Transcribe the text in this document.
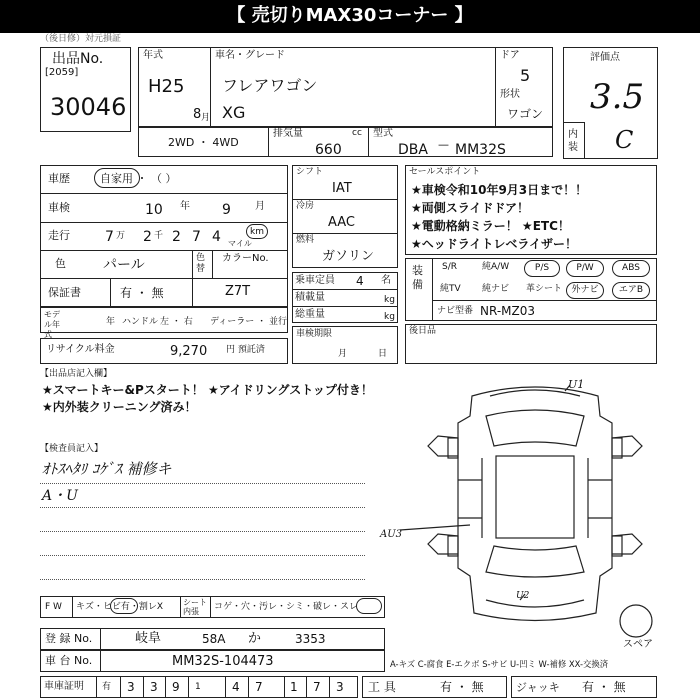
【 売切りMAX30コーナー 】
（後日修）対元損証
出品No.
[2059]
30046
年式
H25
8 月
車名・グレード
フレアワゴン
XG
ドア
5
形状
ワゴン
評価点
3.5
内装 C
2WD ・ 4WD
排気量	cc
660
型式
DBA — MM32S
車歴	自家用 ・ （ ）
車検	10 年 9 月
走行	7 万 2 千 2 7 4	km
マイル
色	パール	色替
カラーNo.
保証書	有 ・ 無	Z7T
モデル年式
年 ハンドル 左 ・ 右 ディーラー ・ 並行
リサイクル料金	9,270 円 預託済
シフト
IAT
冷房
AAC
燃料
ガソリン
乗車定員 4 名
積載量	kg
総重量	kg
車検期限
月	日
セールスポイント
★車検令和10年9月3日まで！！
★両側スライドドア！
★電動格納ミラー！ ★ETC！
★ヘッドライトレベライザー！
装備
S/R	純A/W	P/S	P/W	ABS
純TV 純ナビ 革シート	外ナビ	エアB
ナビ型番 NR-MZ03
後日品
【出品店記入欄】
★スマートキー&Pスタート！ ★アイドリングストップ付き！
★内外装クリーニング済み！
【検査員記入】
ｵﾄｽﾍﾀﾘ ｺｹﾞｽ 補修キ
A・U
U1
AU3
U2
スペア
F W キズ・ヒビ有・割レX	シート内張	コゲ・穴・汚レ・シミ・破レ・スレ
登 録 No.	岐阜	58A か	3353
車 台 No.	MM32S-104473	A-キズ C-腐食 E-エクボ S-サビ U-凹ミ W-補修 XX-交換済
車庫証明	3 3 9	4 7 1 7 3
有	1	工 具	有 ・ 無	ジャッキ 有 ・ 無
